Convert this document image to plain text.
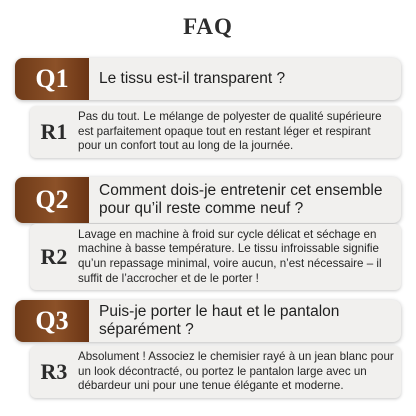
FAQ
Q1	Le tissu est-il transparent ?

R1

Pas du tout. Le mélange de polyester de qualité supérieure est parfaitement opaque tout en restant léger et respirant pour un confort tout au long de la journée.

Q2	Comment dois-je entretenir cet ensemble pour qu’il reste comme neuf ?

R2

Lavage en machine à froid sur cycle délicat et séchage en machine à basse température. Le tissu infroissable signifie qu’un repassage minimal, voire aucun, n’est nécessaire – il suffit de l’accrocher et de le porter !

Q3	Puis-je porter le haut et le pantalon séparément ?

R3

Absolument ! Associez le chemisier rayé à un jean blanc pour un look décontracté, ou portez le pantalon large avec un débardeur uni pour une tenue élégante et moderne.
